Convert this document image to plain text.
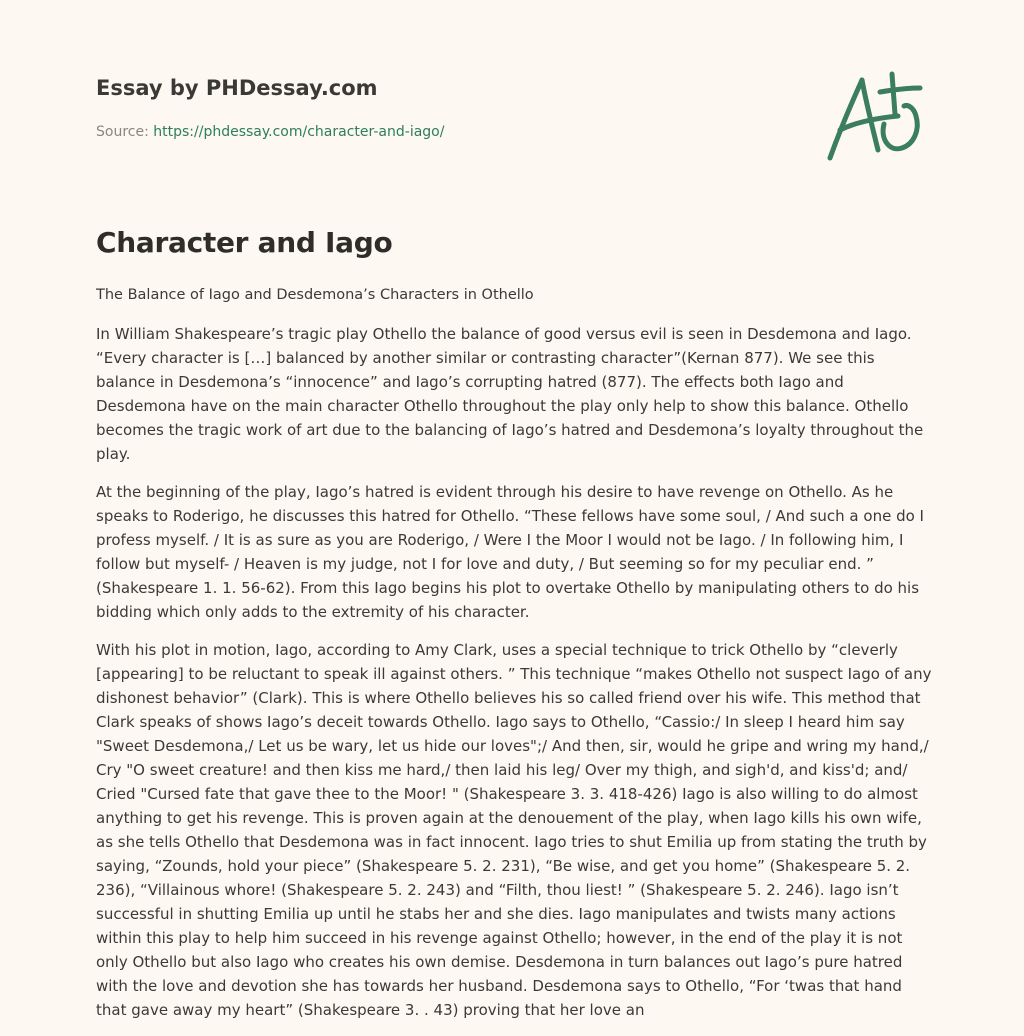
Essay by PHDessay.com

Source: https://phdessay.com/character-and-iago/

Character and Iago

The Balance of Iago and Desdemona’s Characters in Othello

In William Shakespeare’s tragic play Othello the balance of good versus evil is seen in Desdemona and Iago. “Every character is […] balanced by another similar or contrasting character”(Kernan 877). We see this balance in Desdemona’s “innocence” and Iago’s corrupting hatred (877). The effects both Iago and Desdemona have on the main character Othello throughout the play only help to show this balance. Othello becomes the tragic work of art due to the balancing of Iago’s hatred and Desdemona’s loyalty throughout the play.

At the beginning of the play, Iago’s hatred is evident through his desire to have revenge on Othello. As he speaks to Roderigo, he discusses this hatred for Othello. “These fellows have some soul, / And such a one do I profess myself. / It is as sure as you are Roderigo, / Were I the Moor I would not be Iago. / In following him, I follow but myself- / Heaven is my judge, not I for love and duty, / But seeming so for my peculiar end. ” (Shakespeare 1. 1. 56-62). From this Iago begins his plot to overtake Othello by manipulating others to do his bidding which only adds to the extremity of his character.

With his plot in motion, Iago, according to Amy Clark, uses a special technique to trick Othello by “cleverly [appearing] to be reluctant to speak ill against others. ” This technique “makes Othello not suspect Iago of any dishonest behavior” (Clark). This is where Othello believes his so called friend over his wife. This method that Clark speaks of shows Iago’s deceit towards Othello. Iago says to Othello, “Cassio:/ In sleep I heard him say "Sweet Desdemona,/ Let us be wary, let us hide our loves";/ And then, sir, would he gripe and wring my hand,/ Cry "O sweet creature! and then kiss me hard,/ then laid his leg/ Over my thigh, and sigh'd, and kiss'd; and/ Cried "Cursed fate that gave thee to the Moor! " (Shakespeare 3. 3. 418-426) Iago is also willing to do almost anything to get his revenge. This is proven again at the denouement of the play, when Iago kills his own wife, as she tells Othello that Desdemona was in fact innocent. Iago tries to shut Emilia up from stating the truth by saying, “Zounds, hold your piece” (Shakespeare 5. 2. 231), “Be wise, and get you home” (Shakespeare 5. 2. 236), “Villainous whore! (Shakespeare 5. 2. 243) and “Filth, thou liest! ” (Shakespeare 5. 2. 246). Iago isn’t successful in shutting Emilia up until he stabs her and she dies. Iago manipulates and twists many actions within this play to help him succeed in his revenge against Othello; however, in the end of the play it is not only Othello but also Iago who creates his own demise. Desdemona in turn balances out Iago’s pure hatred with the love and devotion she has towards her husband. Desdemona says to Othello, “For ‘twas that hand that gave away my heart” (Shakespeare 3. . 43) proving that her love an
